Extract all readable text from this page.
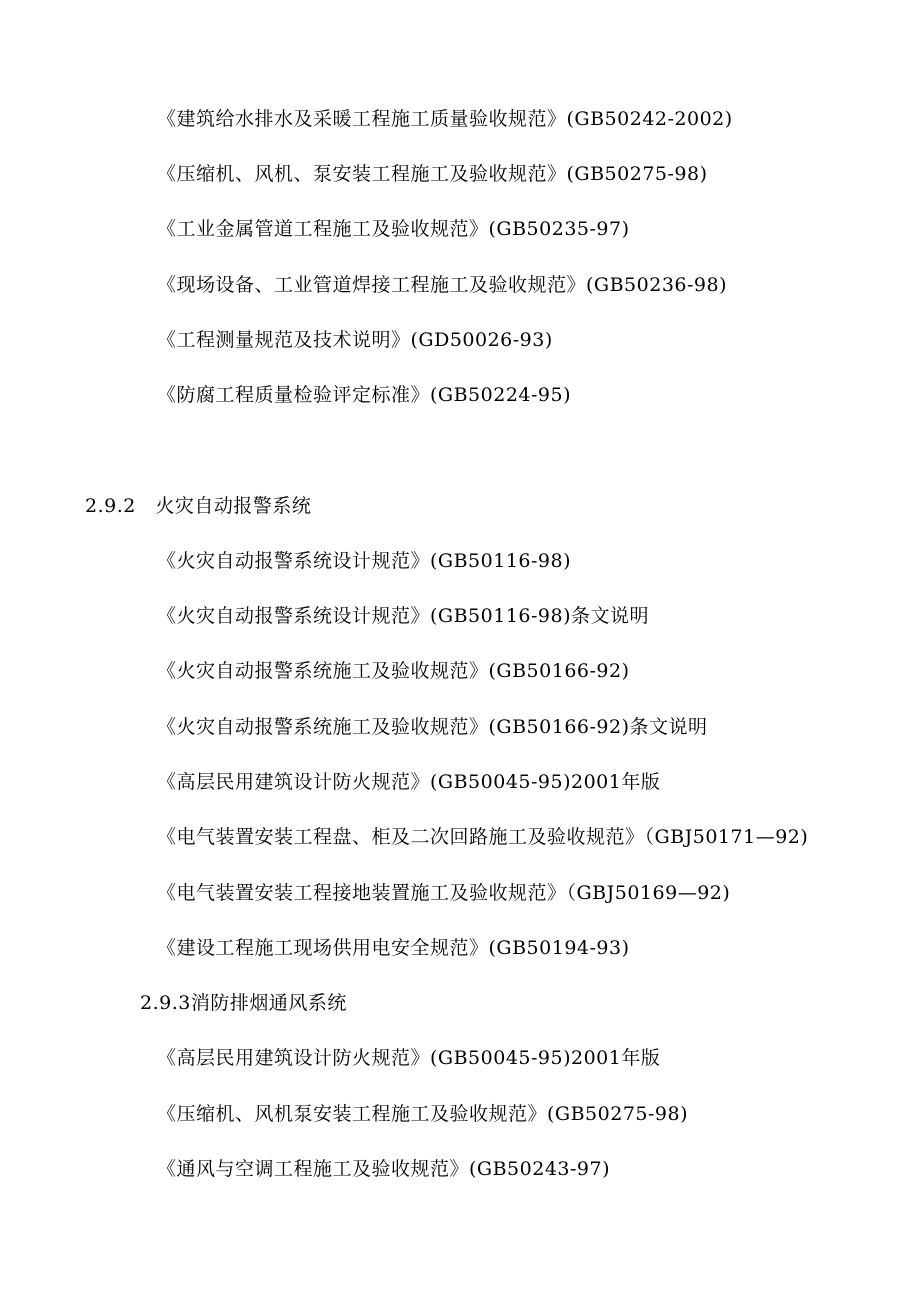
《建筑给水排水及采暖工程施工质量验收规范》(GB50242-2002)
《压缩机、风机、泵安装工程施工及验收规范》(GB50275-98)
《工业金属管道工程施工及验收规范》(GB50235-97)
《现场设备、工业管道焊接工程施工及验收规范》(GB50236-98)
《工程测量规范及技术说明》(GD50026-93)
《防腐工程质量检验评定标准》(GB50224-95)
2.9.2　火灾自动报警系统
《火灾自动报警系统设计规范》(GB50116-98)
《火灾自动报警系统设计规范》(GB50116-98)条文说明
《火灾自动报警系统施工及验收规范》(GB50166-92)
《火灾自动报警系统施工及验收规范》(GB50166-92)条文说明
《高层民用建筑设计防火规范》(GB50045-95)2001年版
《电气装置安装工程盘、柜及二次回路施工及验收规范》（GBJ50171—92)
《电气装置安装工程接地装置施工及验收规范》（GBJ50169—92)
《建设工程施工现场供用电安全规范》(GB50194-93)
2.9.3消防排烟通风系统
《高层民用建筑设计防火规范》(GB50045-95)2001年版
《压缩机、风机泵安装工程施工及验收规范》(GB50275-98)
《通风与空调工程施工及验收规范》(GB50243-97)
